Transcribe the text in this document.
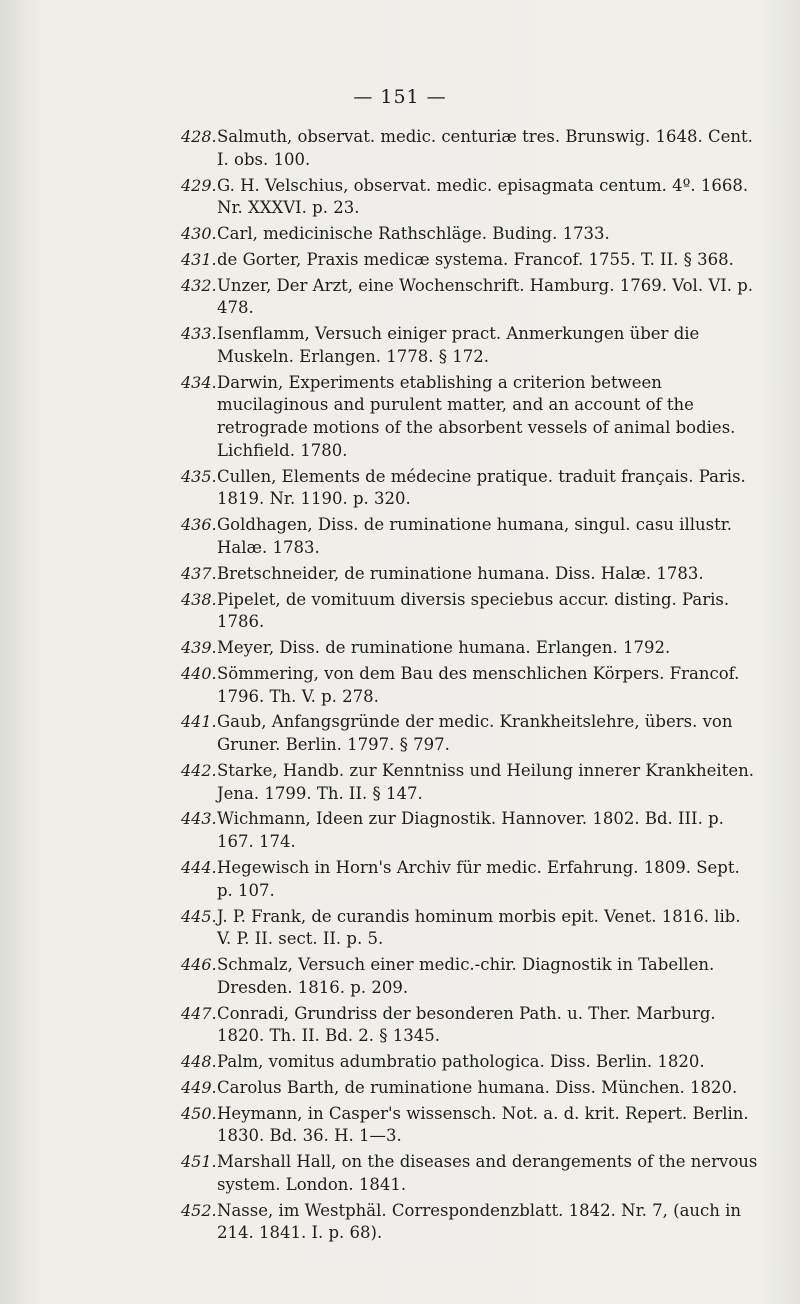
— 151 —
428. Salmuth, observat. medic. centuriæ tres. Brunswig. 1648. Cent. I. obs. 100.
429. G. H. Velschius, observat. medic. episagmata centum. 4º. 1668. Nr. XXXVI. p. 23.
430. Carl, medicinische Rathschläge. Buding. 1733.
431. de Gorter, Praxis medicæ systema. Francof. 1755. T. II. § 368.
432. Unzer, Der Arzt, eine Wochenschrift. Hamburg. 1769. Vol. VI. p. 478.
433. Isenflamm, Versuch einiger pract. Anmerkungen über die Muskeln. Erlangen. 1778. § 172.
434. Darwin, Experiments etablishing a criterion between mucilaginous and purulent matter, and an account of the retrograde motions of the absorbent vessels of animal bodies. Lichfield. 1780.
435. Cullen, Elements de médecine pratique. traduit français. Paris. 1819. Nr. 1190. p. 320.
436. Goldhagen, Diss. de ruminatione humana, singul. casu illustr. Halæ. 1783.
437. Bretschneider, de ruminatione humana. Diss. Halæ. 1783.
438. Pipelet, de vomituum diversis speciebus accur. disting. Paris. 1786.
439. Meyer, Diss. de ruminatione humana. Erlangen. 1792.
440. Sömmering, von dem Bau des menschlichen Körpers. Francof. 1796. Th. V. p. 278.
441. Gaub, Anfangsgründe der medic. Krankheitslehre, übers. von Gruner. Berlin. 1797. § 797.
442. Starke, Handb. zur Kenntniss und Heilung innerer Krankheiten. Jena. 1799. Th. II. § 147.
443. Wichmann, Ideen zur Diagnostik. Hannover. 1802. Bd. III. p. 167. 174.
444. Hegewisch in Horn's Archiv für medic. Erfahrung. 1809. Sept. p. 107.
445. J. P. Frank, de curandis hominum morbis epit. Venet. 1816. lib. V. P. II. sect. II. p. 5.
446. Schmalz, Versuch einer medic.-chir. Diagnostik in Tabellen. Dresden. 1816. p. 209.
447. Conradi, Grundriss der besonderen Path. u. Ther. Marburg. 1820. Th. II. Bd. 2. § 1345.
448. Palm, vomitus adumbratio pathologica. Diss. Berlin. 1820.
449. Carolus Barth, de ruminatione humana. Diss. München. 1820.
450. Heymann, in Casper's wissensch. Not. a. d. krit. Repert. Berlin. 1830. Bd. 36. H. 1—3.
451. Marshall Hall, on the diseases and derangements of the nervous system. London. 1841.
452. Nasse, im Westphäl. Correspondenzblatt. 1842. Nr. 7, (auch in 214. 1841. I. p. 68).
